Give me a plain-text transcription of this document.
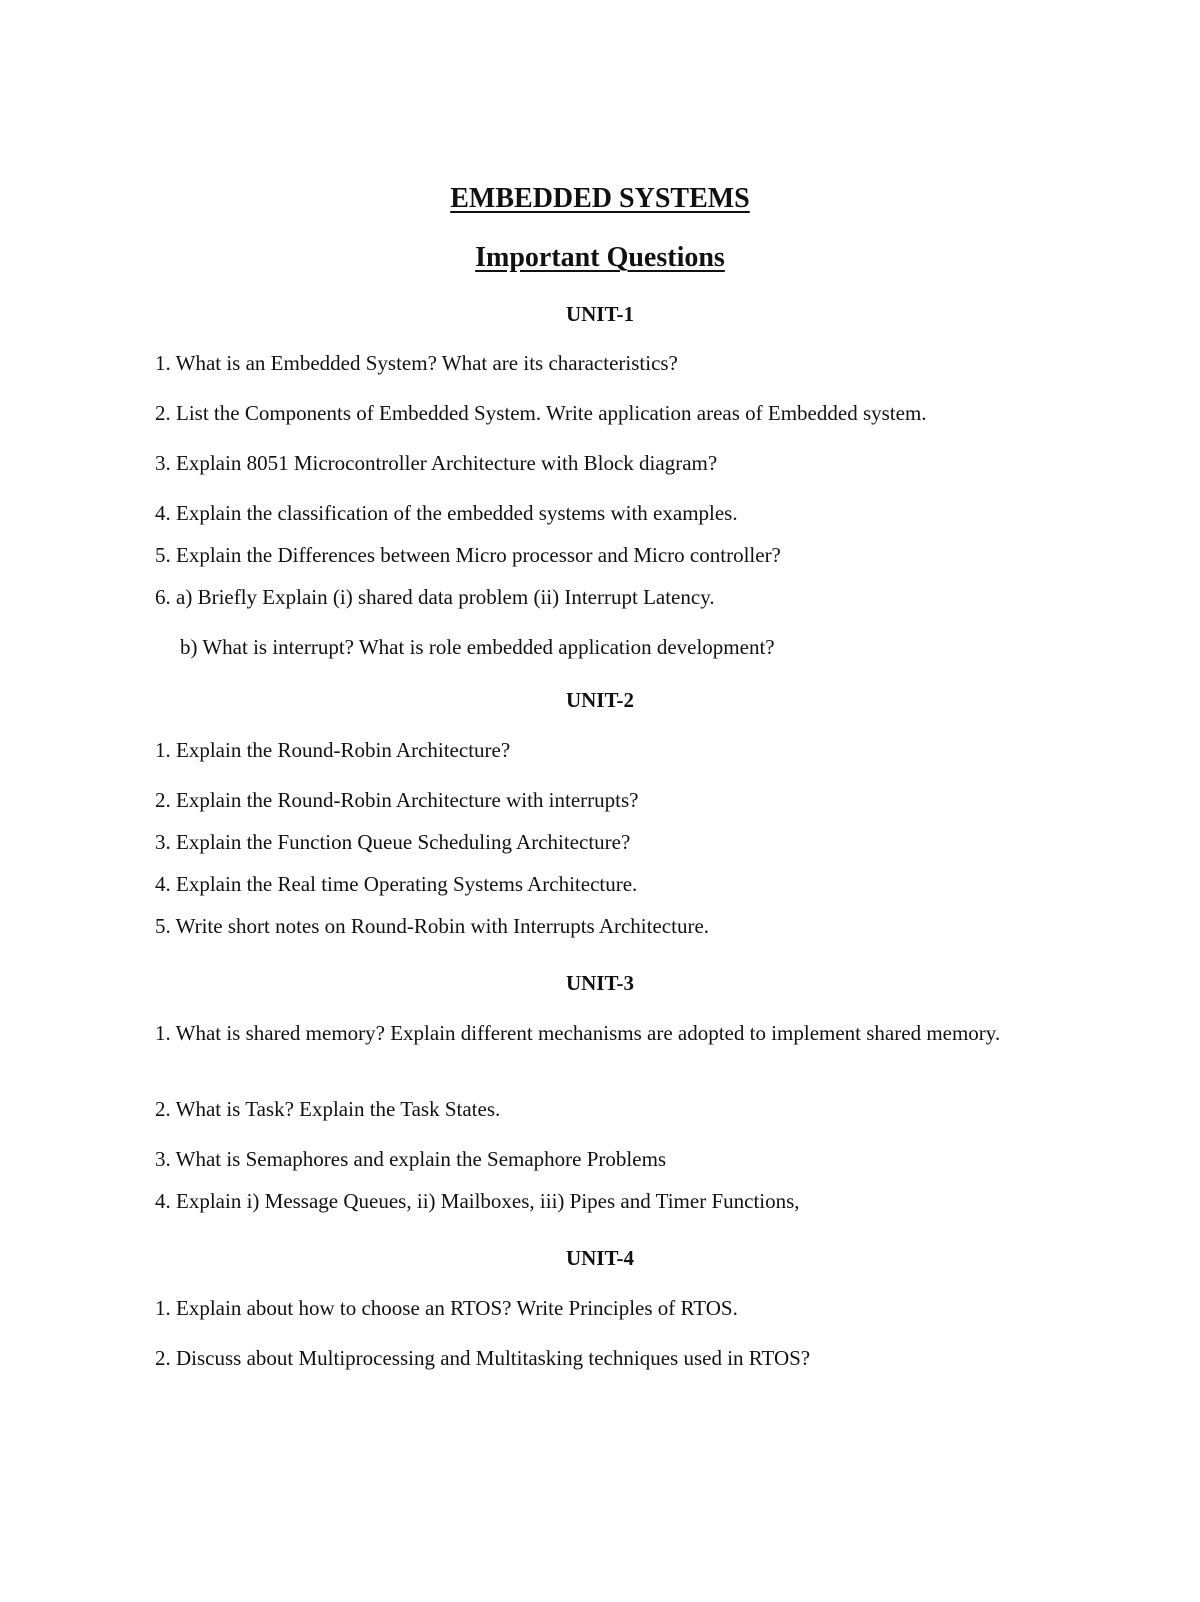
EMBEDDED SYSTEMS
Important Questions
UNIT-1

1. What is an Embedded System? What are its characteristics?

2. List the Components of Embedded System. Write application areas of Embedded system.

3. Explain 8051 Microcontroller Architecture with Block diagram?

4. Explain the classification of the embedded systems with examples.

5. Explain the Differences between Micro processor and Micro controller?

6. a) Briefly Explain (i) shared data problem (ii) Interrupt Latency.

b) What is interrupt? What is role embedded application development?

UNIT-2

1. Explain the Round-Robin Architecture?

2. Explain the Round-Robin Architecture with interrupts?

3. Explain the Function Queue Scheduling Architecture?

4. Explain the Real time Operating Systems Architecture.

5. Write short notes on Round-Robin with Interrupts Architecture.

UNIT-3

1. What is shared memory? Explain different mechanisms are adopted to implement shared memory.

2. What is Task? Explain the Task States.

3. What is Semaphores and explain the Semaphore Problems

4. Explain i) Message Queues, ii) Mailboxes, iii) Pipes and Timer Functions,

UNIT-4

1. Explain about how to choose an RTOS? Write Principles of RTOS.

2. Discuss about Multiprocessing and Multitasking techniques used in RTOS?
